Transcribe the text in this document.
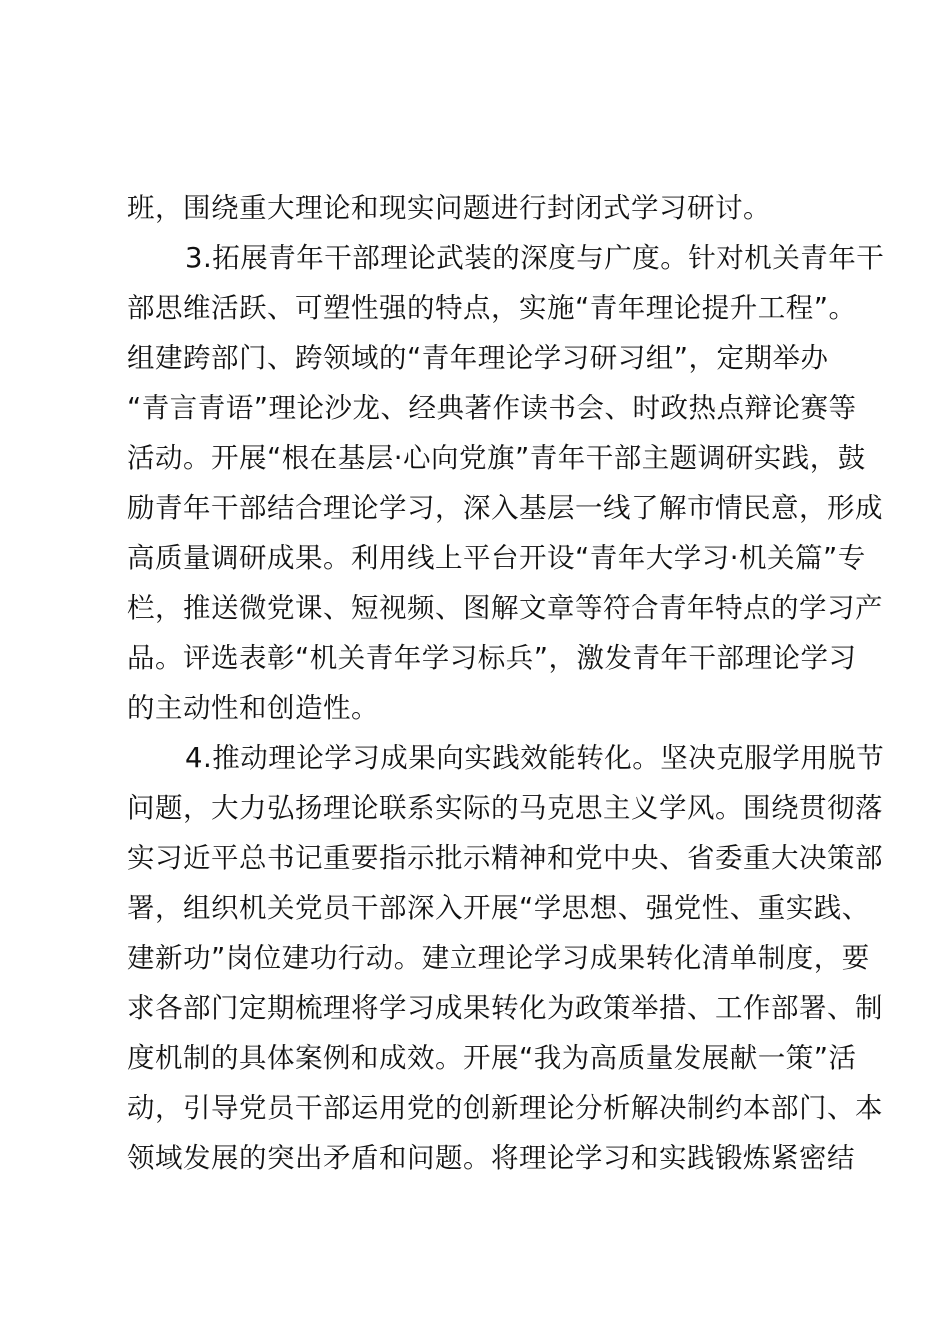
班，围绕重大理论和现实问题进行封闭式学习研讨。
3.拓展青年干部理论武装的深度与广度。针对机关青年干
部思维活跃、可塑性强的特点，实施“青年理论提升工程”。
组建跨部门、跨领域的“青年理论学习研习组”，定期举办
“青言青语”理论沙龙、经典著作读书会、时政热点辩论赛等
活动。开展“根在基层·心向党旗”青年干部主题调研实践，鼓
励青年干部结合理论学习，深入基层一线了解市情民意，形成
高质量调研成果。利用线上平台开设“青年大学习·机关篇”专
栏，推送微党课、短视频、图解文章等符合青年特点的学习产
品。评选表彰“机关青年学习标兵”，激发青年干部理论学习
的主动性和创造性。
4.推动理论学习成果向实践效能转化。坚决克服学用脱节
问题，大力弘扬理论联系实际的马克思主义学风。围绕贯彻落
实习近平总书记重要指示批示精神和党中央、省委重大决策部
署，组织机关党员干部深入开展“学思想、强党性、重实践、
建新功”岗位建功行动。建立理论学习成果转化清单制度，要
求各部门定期梳理将学习成果转化为政策举措、工作部署、制
度机制的具体案例和成效。开展“我为高质量发展献一策”活
动，引导党员干部运用党的创新理论分析解决制约本部门、本
领域发展的突出矛盾和问题。将理论学习和实践锻炼紧密结
